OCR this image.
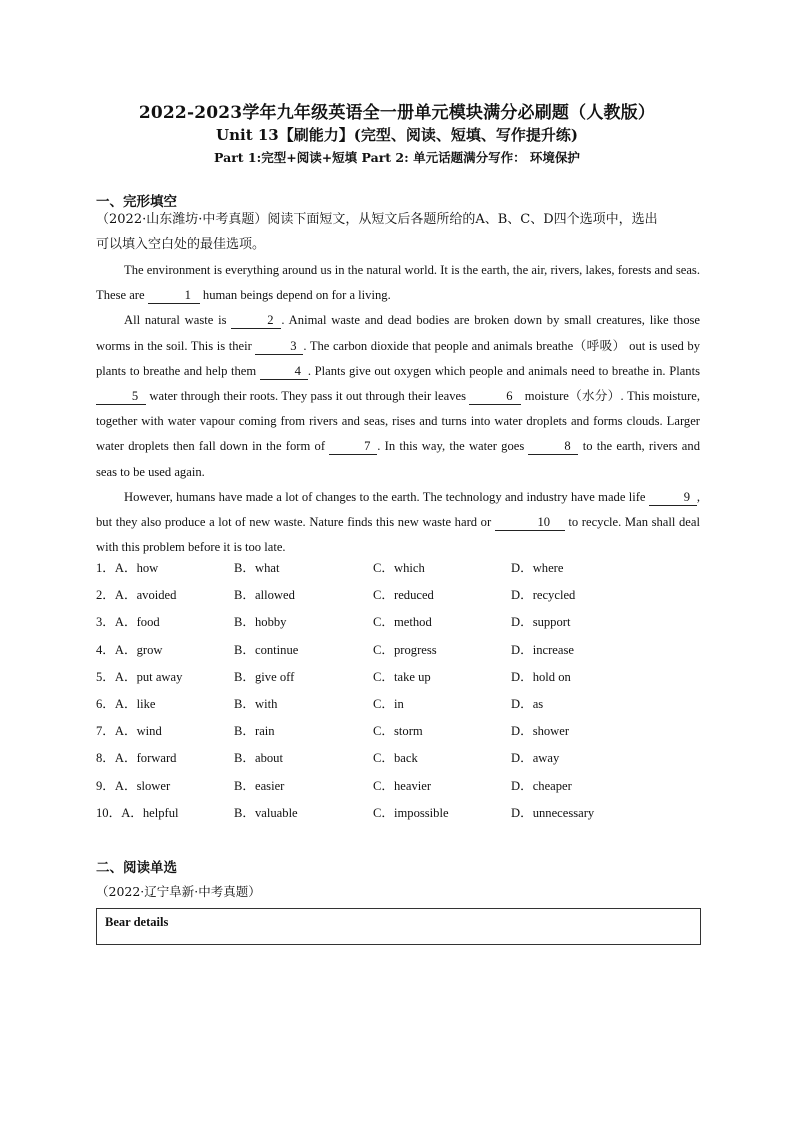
2022-2023学年九年级英语全一册单元模块满分必刷题（人教版）
Unit 13【刷能力】(完型、阅读、短填、写作提升练)
Part 1:完型+阅读+短填 Part 2: 单元话题满分写作： 环境保护
一、完形填空
（2022·山东潍坊·中考真题）阅读下面短文，从短文后各题所给的A、B、C、D四个选项中，选出
可以填入空白处的最佳选项。

The environment is everything around us in the natural world. It is the earth, the air, rivers, lakes, forests and seas. These are	1 human beings depend on for a living.

All natural waste is	2 . Animal waste and dead bodies are broken down by small creatures, like those worms in the soil. This is their	3 . The carbon dioxide that people and animals breathe（呼吸） out is used by plants to breathe and help them	4 . Plants give out oxygen which people and animals need to breathe in. Plants 5 water through their roots. They pass it out through their leaves	6 moisture（水分）. This moisture, together with water vapour coming from rivers and seas, rises and turns into water droplets and forms clouds. Larger water droplets then fall down in the form of	7 . In this way, the water goes	8 to the earth, rivers and seas to be used again.

However, humans have made a lot of changes to the earth. The technology and industry have made life	9 , but they also produce a lot of new waste. Nature finds this new waste hard or	10 to recycle. Man shall deal with this problem before it is too late.

1．A．how	B．what	C．which	D．where
2．A．avoided	B．allowed	C．reduced	D．recycled
3．A．food	B．hobby	C．method	D．support
4．A．grow	B．continue	C．progress	D．increase
5．A．put away	B．give off	C．take up	D．hold on
6．A．like	B．with	C．in	D．as
7．A．wind	B．rain	C．storm	D．shower
8．A．forward	B．about	C．back	D．away
9．A．slower	B．easier	C．heavier	D．cheaper
10．A．helpful	B．valuable	C．impossible	D．unnecessary
二、阅读单选
（2022·辽宁阜新·中考真题）
Bear details
